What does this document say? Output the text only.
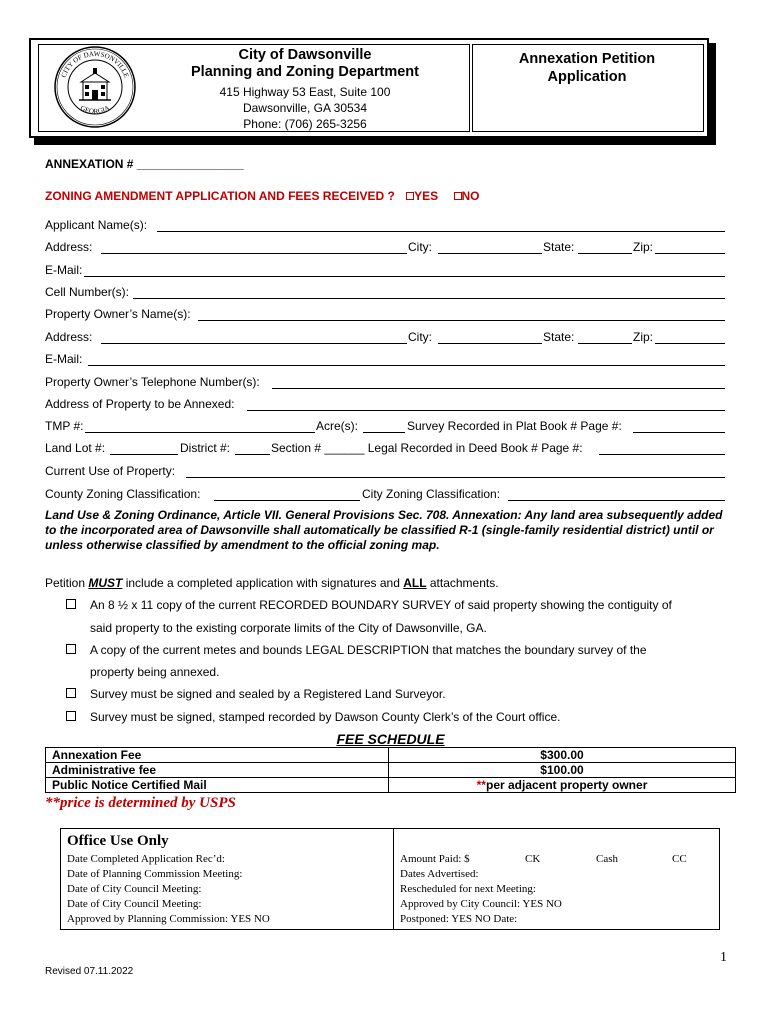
CITY OF DAWSONVILLE
GEORGIA
City of Dawsonville
Planning and Zoning Department
415 Highway 53 East, Suite 100
Dawsonville, GA 30534
Phone: (706) 265-3256
Annexation Petition
Application
ANNEXATION # ________________
ZONING AMENDMENT APPLICATION AND FEES RECEIVED ? YES NO
Applicant Name(s):
Address:	City:	State:	Zip:
E-Mail:
Cell Number(s):
Property Owner’s Name(s):
Address:	City:	State:	Zip:
E-Mail:
Property Owner’s Telephone Number(s):
Address of Property to be Annexed:
TMP #:	Acre(s):	Survey Recorded in Plat Book # Page #:
Land Lot #:	District #:	Section # ______ Legal Recorded in Deed Book # Page #:
Current Use of Property:
County Zoning Classification:	City Zoning Classification:
Land Use & Zoning Ordinance, Article VII. General Provisions Sec. 708. Annexation: Any land area subsequently added to the incorporated area of Dawsonville shall automatically be classified R-1 (single-family residential district) until or unless otherwise classified by amendment to the official zoning map.
Petition MUST include a completed application with signatures and ALL attachments.
An 8 ½ x 11 copy of the current RECORDED BOUNDARY SURVEY of said property showing the contiguity of
said property to the existing corporate limits of the City of Dawsonville, GA.
A copy of the current metes and bounds LEGAL DESCRIPTION that matches the boundary survey of the
property being annexed.
Survey must be signed and sealed by a Registered Land Surveyor.
Survey must be signed, stamped recorded by Dawson County Clerk’s of the Court office.
FEE SCHEDULE
Annexation Fee	$300.00
Administrative fee	$100.00
Public Notice Certified Mail	**per adjacent property owner
**price is determined by USPS
Office Use Only
Date Completed Application Rec’d:
Date of Planning Commission Meeting:
Date of City Council Meeting:
Date of City Council Meeting:
Approved by Planning Commission: YES NO

Amount Paid: $	CK	Cash	CC
Dates Advertised:
Rescheduled for next Meeting:
Approved by City Council: YES NO
Postponed: YES NO Date:
1
Revised 07.11.2022
